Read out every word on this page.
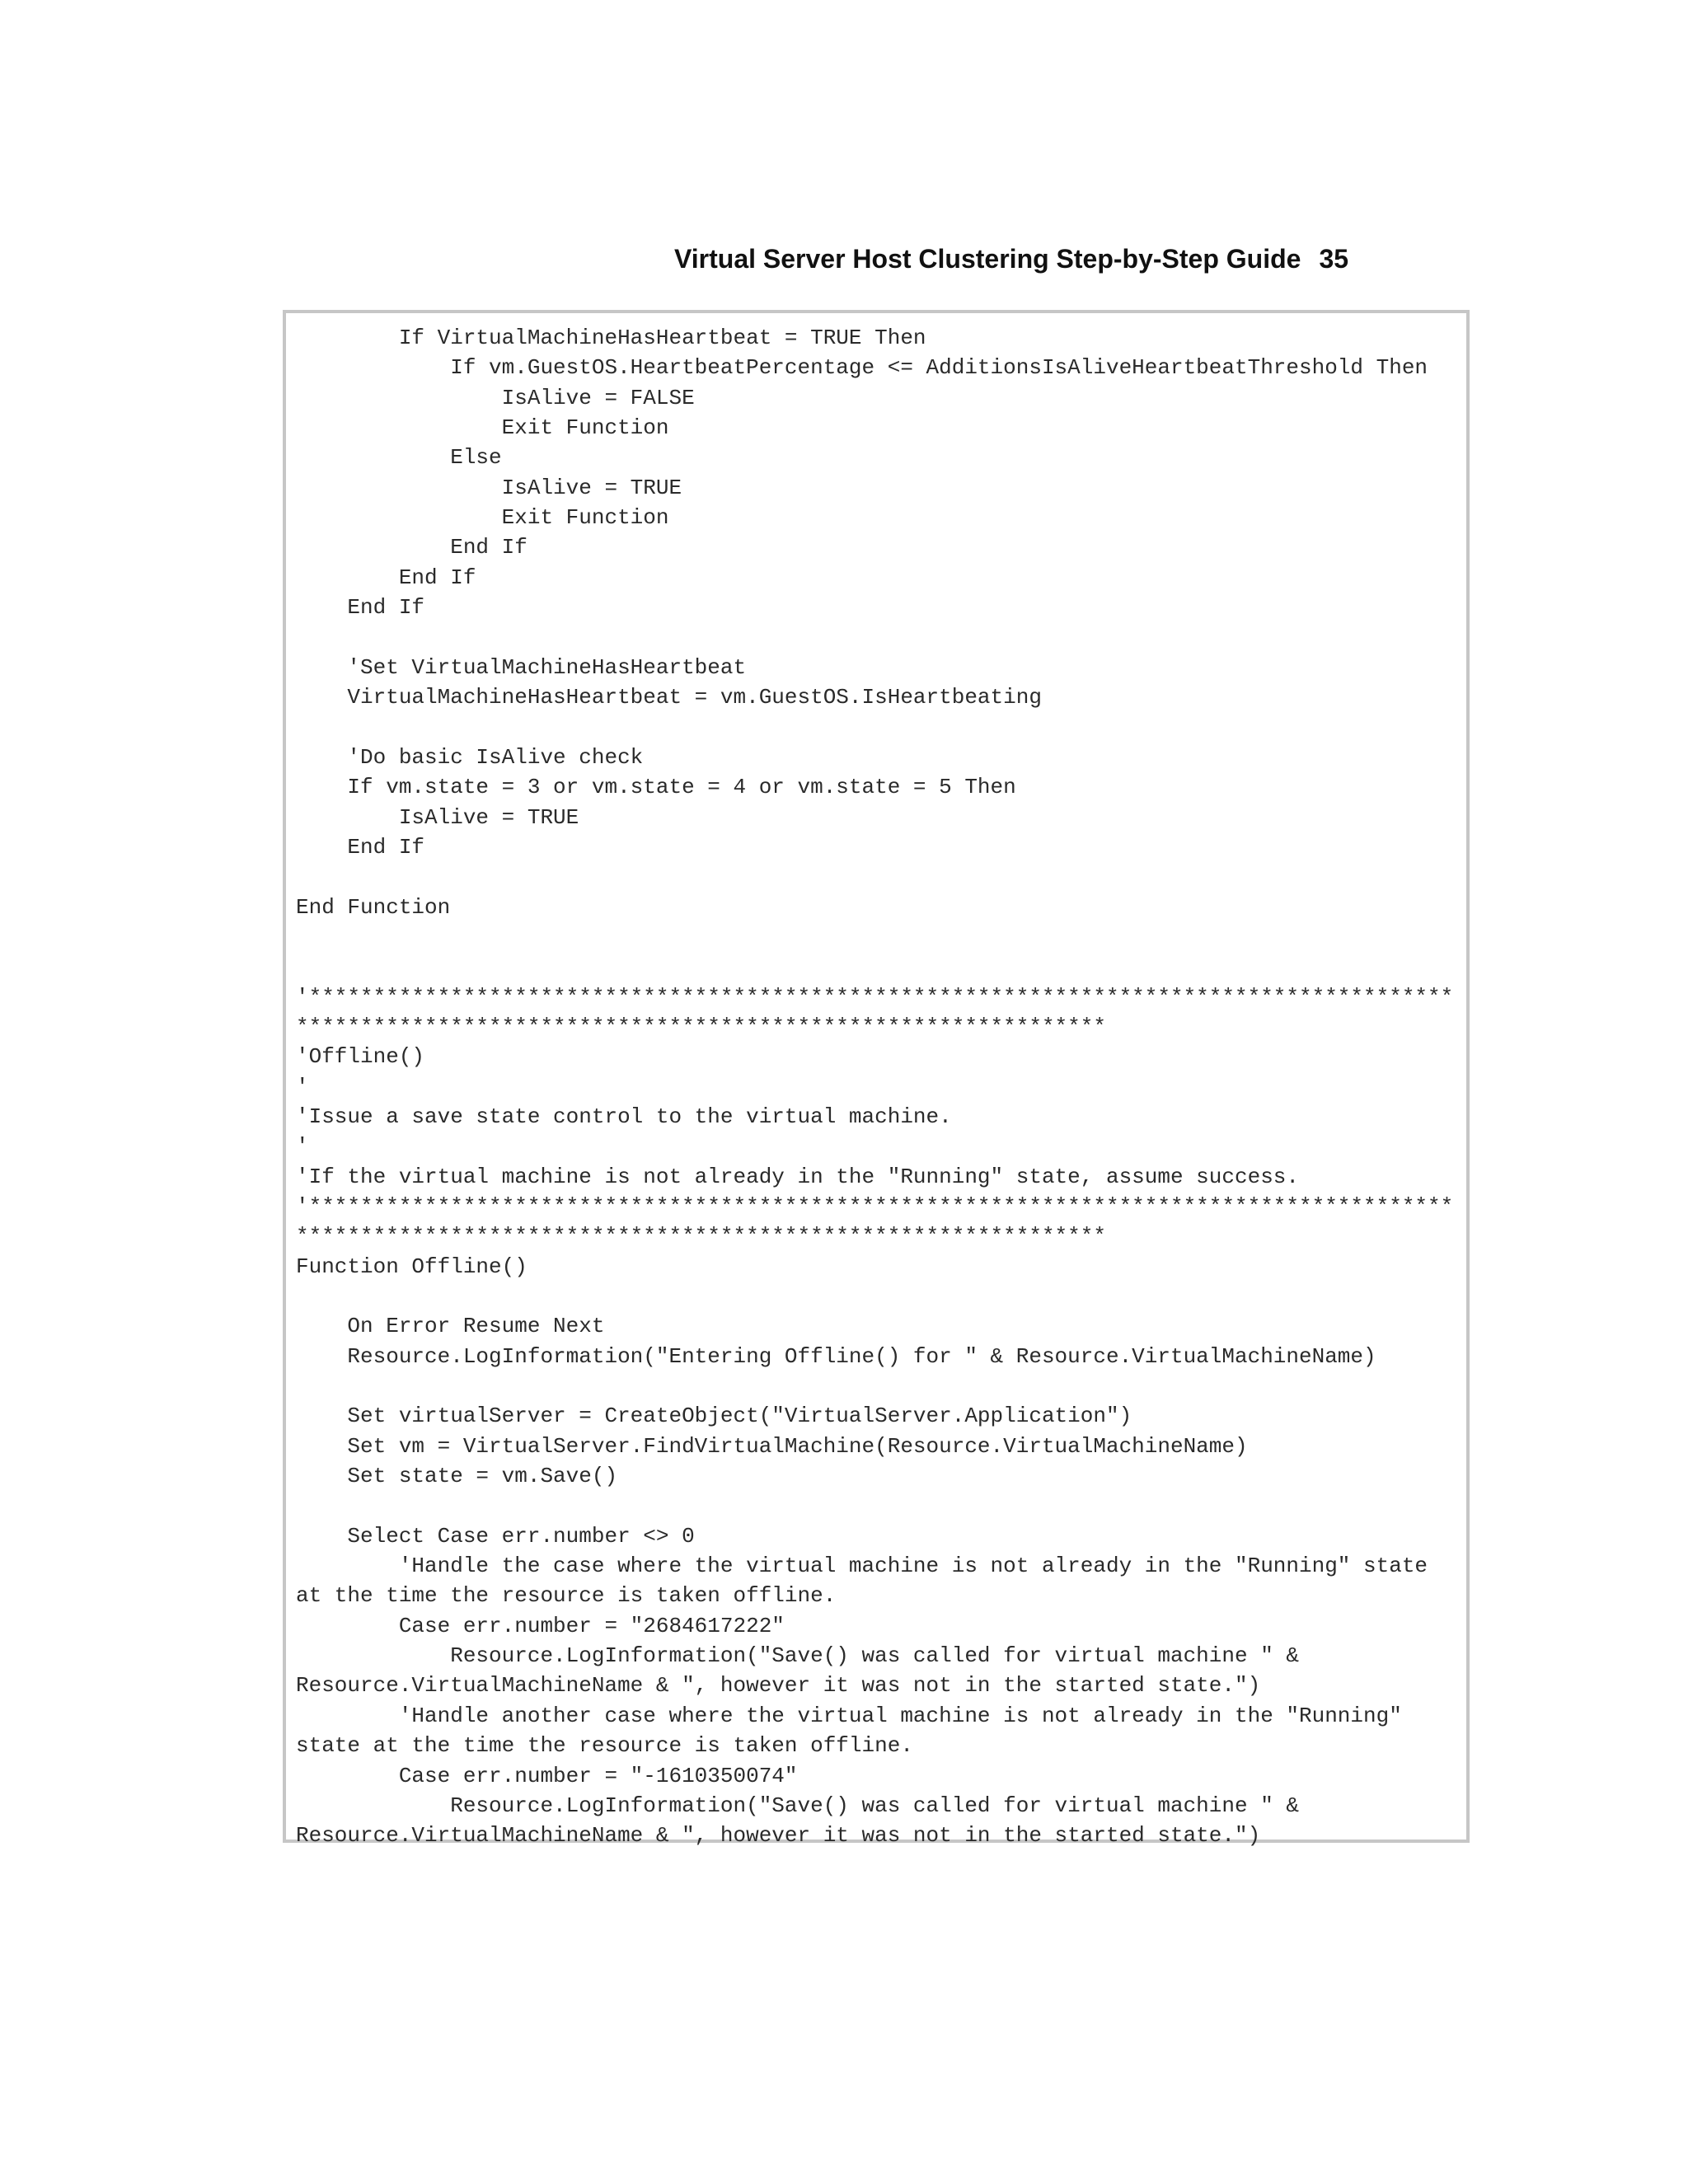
Virtual Server Host Clustering Step-by-Step Guide 35
If VirtualMachineHasHeartbeat = TRUE Then
If vm.GuestOS.HeartbeatPercentage <= AdditionsIsAliveHeartbeatThreshold Then
IsAlive = FALSE
Exit Function
Else
IsAlive = TRUE
Exit Function
End If
End If
End If
'Set VirtualMachineHasHeartbeat
VirtualMachineHasHeartbeat = vm.GuestOS.IsHeartbeating
'Do basic IsAlive check
If vm.state = 3 or vm.state = 4 or vm.state = 5 Then
IsAlive = TRUE
End If
End Function
'*****************************************************************************************
***************************************************************
'Offline()
'
'Issue a save state control to the virtual machine.
'
'If the virtual machine is not already in the "Running" state, assume success.
'*****************************************************************************************
***************************************************************
Function Offline()
On Error Resume Next
Resource.LogInformation("Entering Offline() for " & Resource.VirtualMachineName)
Set virtualServer = CreateObject("VirtualServer.Application")
Set vm = VirtualServer.FindVirtualMachine(Resource.VirtualMachineName)
Set state = vm.Save()
Select Case err.number <> 0
'Handle the case where the virtual machine is not already in the "Running" state
at the time the resource is taken offline.
Case err.number = "2684617222"
Resource.LogInformation("Save() was called for virtual machine " &
Resource.VirtualMachineName & ", however it was not in the started state.")
'Handle another case where the virtual machine is not already in the "Running"
state at the time the resource is taken offline.
Case err.number = "-1610350074"
Resource.LogInformation("Save() was called for virtual machine " &
Resource.VirtualMachineName & ", however it was not in the started state.")
